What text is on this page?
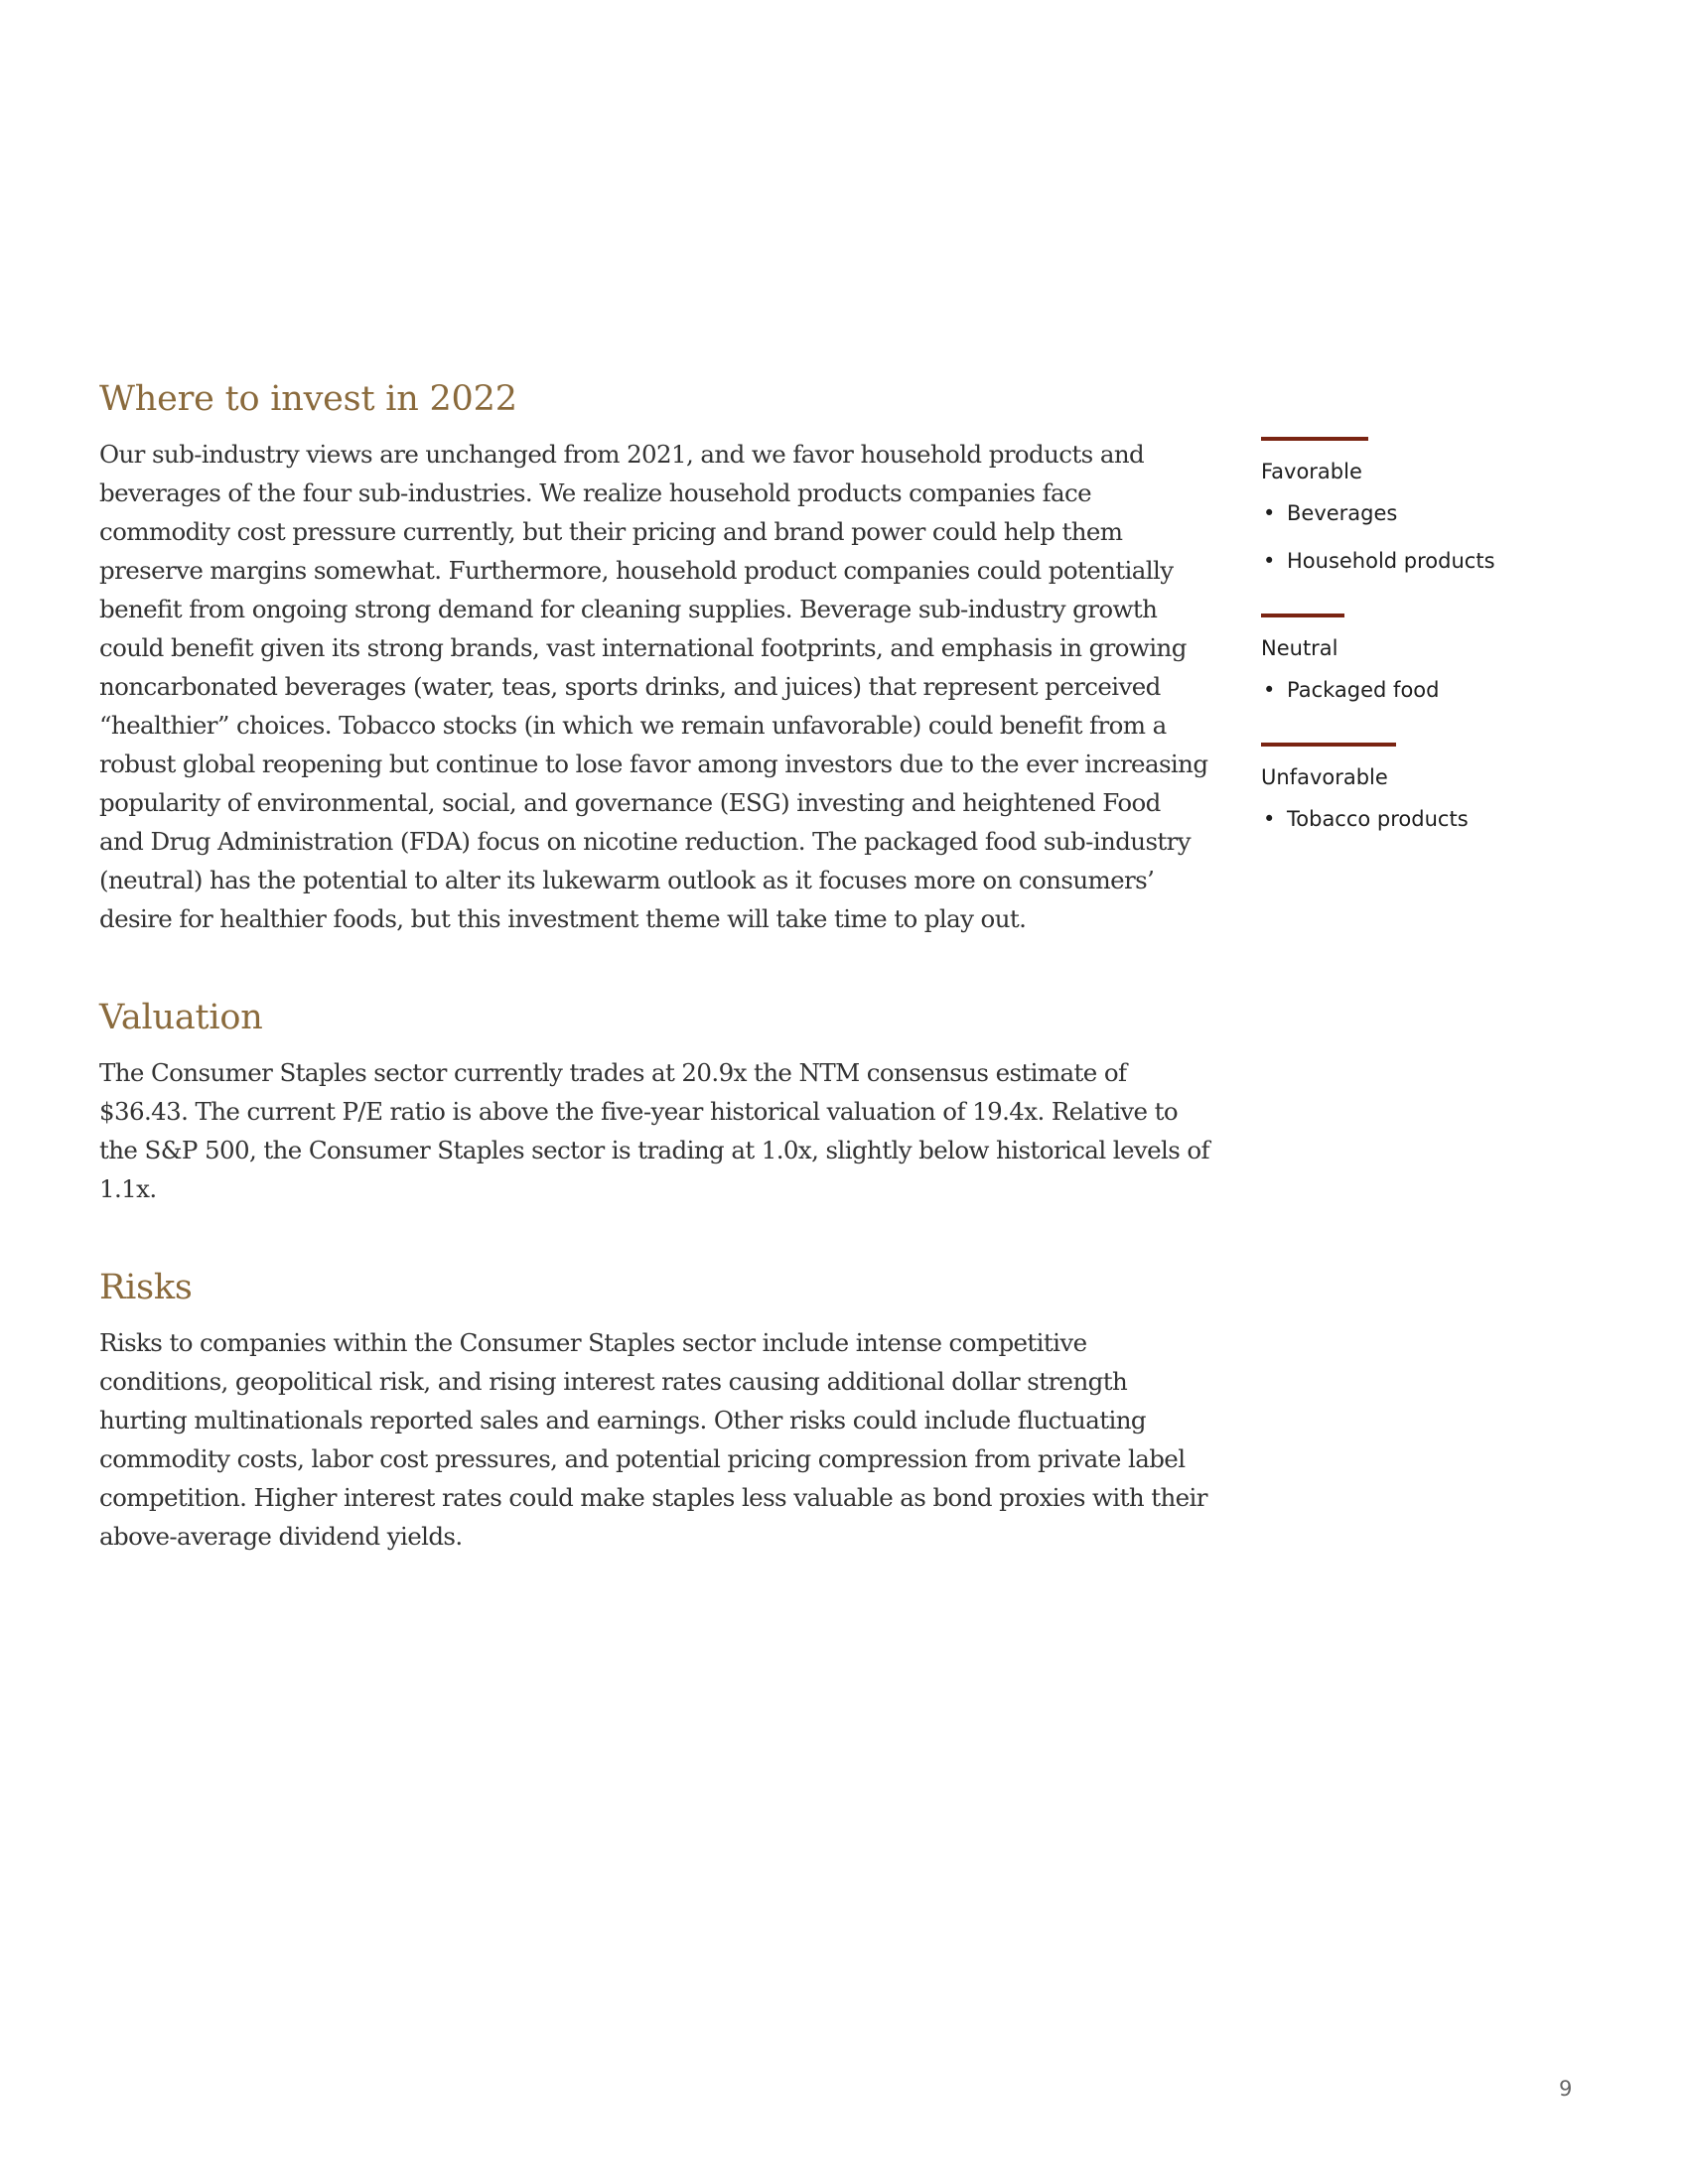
Where to invest in 2022

Our sub-industry views are unchanged from 2021, and we favor household products and beverages of the four sub-industries. We realize household products companies face commodity cost pressure currently, but their pricing and brand power could help them preserve margins somewhat. Furthermore, household product companies could potentially benefit from ongoing strong demand for cleaning supplies. Beverage sub-industry growth could benefit given its strong brands, vast international footprints, and emphasis in growing noncarbonated beverages (water, teas, sports drinks, and juices) that represent perceived “healthier” choices. Tobacco stocks (in which we remain unfavorable) could benefit from a robust global reopening but continue to lose favor among investors due to the ever increasing popularity of environmental, social, and governance (ESG) investing and heightened Food and Drug Administration (FDA) focus on nicotine reduction. The packaged food sub-industry (neutral) has the potential to alter its lukewarm outlook as it focuses more on consumers’ desire for healthier foods, but this investment theme will take time to play out.

Valuation

The Consumer Staples sector currently trades at 20.9x the NTM consensus estimate of $36.43. The current P/E ratio is above the five-year historical valuation of 19.4x. Relative to the S&P 500, the Consumer Staples sector is trading at 1.0x, slightly below historical levels of 1.1x.

Risks

Risks to companies within the Consumer Staples sector include intense competitive conditions, geopolitical risk, and rising interest rates causing additional dollar strength hurting multinationals reported sales and earnings. Other risks could include fluctuating commodity costs, labor cost pressures, and potential pricing compression from private label competition. Higher interest rates could make staples less valuable as bond proxies with their above-average dividend yields.

Favorable
• Beverages
• Household products
Neutral
• Packaged food
Unfavorable
• Tobacco products
9
